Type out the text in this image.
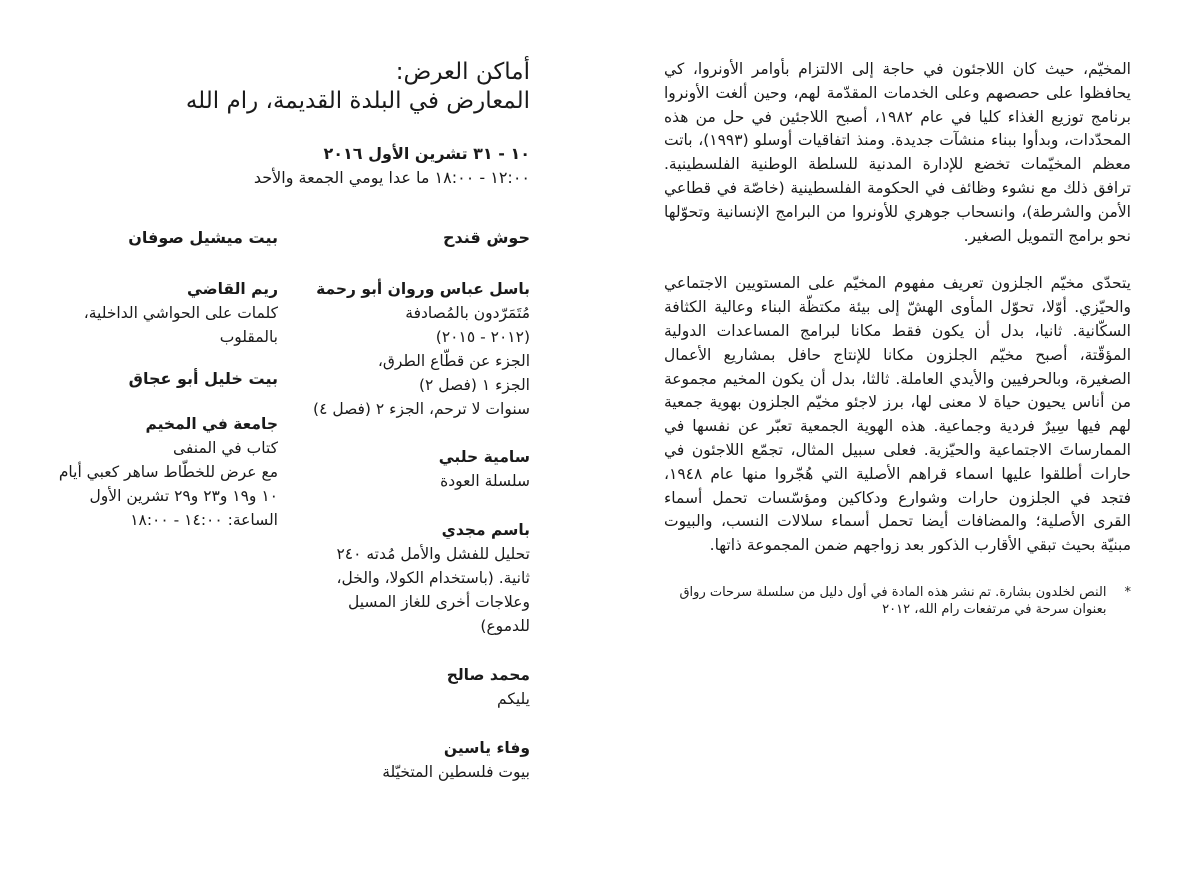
المخيّم، حيث كان اللاجئون في حاجة إلى الالتزام بأوامر الأونروا، كي يحافظوا على حصصهم وعلى الخدمات المقدّمة لهم، وحين ألغت الأونروا برنامج توزيع الغذاء كليا في عام ١٩٨٢، أصبح اللاجئين في حل من هذه المحدّدات، وبدأوا ببناء منشآت جديدة. ومنذ اتفاقيات أوسلو (١٩٩٣)، باتت معظم المخيّمات تخضع للإدارة المدنية للسلطة الوطنية الفلسطينية. ترافق ذلك مع نشوء وظائف في الحكومة الفلسطينية (خاصّة في قطاعي الأمن والشرطة)، وانسحاب جوهري للأونروا من البرامج الإنسانية وتحوّلها نحو برامج التمويل الصغير.

يتحدّى مخيّم الجلزون تعريف مفهوم المخيّم على المستويين الاجتماعي والحيّزي. أوّلا، تحوّل المأوى الهشّ إلى بيئة مكتظّة البناء وعالية الكثافة السكّانية. ثانيا، بدل أن يكون فقط مكانا لبرامج المساعدات الدولية المؤقّتة، أصبح مخيّم الجلزون مكانا للإنتاج حافل بمشاريع الأعمال الصغيرة، وبالحرفيين والأيدي العاملة. ثالثا، بدل أن يكون المخيم مجموعة من أناس يحيون حياة لا معنى لها، برز لاجئو مخيّم الجلزون بهوية جمعية لهم فيها سِيرٌ فردية وجماعية. هذه الهوية الجمعية تعبّر عن نفسها في الممارساتَ الاجتماعية والحيّزية. فعلى سبيل المثال، تجمّع اللاجئون في حارات أطلقوا عليها اسماء قراهم الأصلية التي هُجّروا منها عام ١٩٤٨، فتجد في الجلزون حارات وشوارع ودكاكين ومؤسّسات تحمل أسماء القرى الأصلية؛ والمضافات أيضا تحمل أسماء سلالات النسب، والبيوت مبنيّة بحيث تبقي الأقارب الذكور بعد زواجهم ضمن المجموعة ذاتها.

*
النص لخلدون بشارة. تم نشر هذه المادة في أول دليل من سلسلة سرحات رواق بعنوان سرحة في مرتفعات رام الله، ٢٠١٢
أماكن العرض:
المعارض في البلدة القديمة، رام الله
١٠ - ٣١ تشرين الأول ٢٠١٦
١٢:٠٠ - ١٨:٠٠ ما عدا يومي الجمعة والأحد
حوش قندح
باسل عباس وروان أبو رحمة
مُتَمَرّدون بالمُصادفة
(٢٠١٢ - ٢٠١٥)
الجزء عن قطّاع الطرق،
الجزء ١ (فصل ٢)
سنوات لا ترحم، الجزء ٢ (فصل ٤)
سامية حلبي
سلسلة العودة
باسم مجدي
تحليل للفشل والأمل مُدته ٢٤٠
ثانية. (باستخدام الكولا، والخل،
وعلاجات أخرى للغاز المسيل
للدموع)
محمد صالح
يليكم
وفاء ياسين
بيوت فلسطين المتخيّلة
بيت ميشيل صوفان
ريم القاضي
كلمات على الحواشي الداخلية،
بالمقلوب
بيت خليل أبو عجاق
جامعة في المخيم
كتاب في المنفى
مع عرض للخطّاط ساهر كعبي أيام
١٠ و١٩ و٢٣ و٢٩ تشرين الأول
الساعة: ١٤:٠٠ - ١٨:٠٠
